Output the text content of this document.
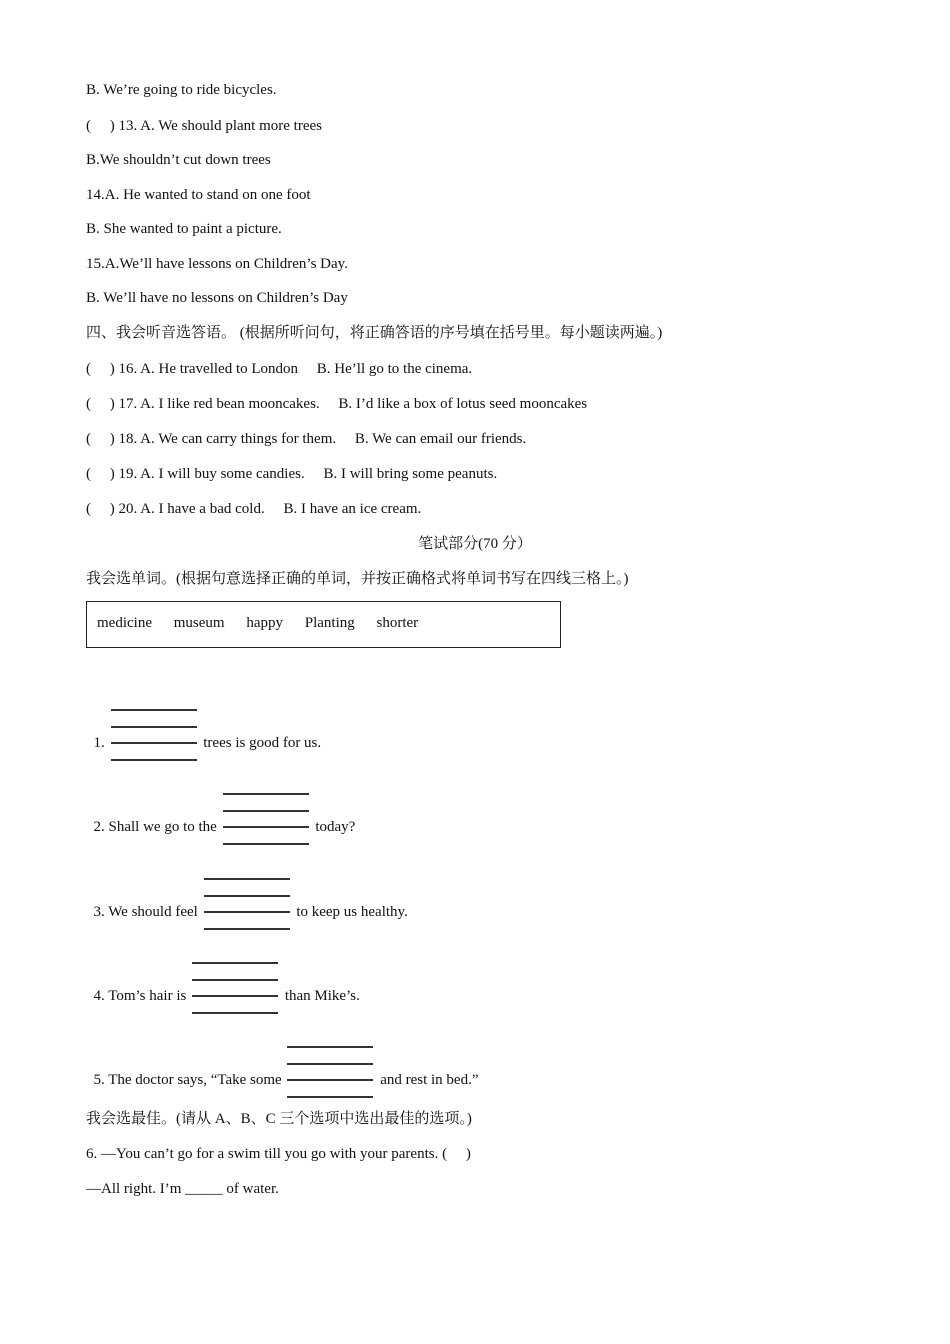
B. We’re going to ride bicycles.
(　 ) 13. A. We should plant more trees
B.We shouldn’t cut down trees
14.A. He wanted to stand on one foot
B. She wanted to paint a picture.
15.A.We’ll have lessons on Children’s Day.
B. We’ll have no lessons on Children’s Day
四、我会听音选答语。 (根据所听问句，将正确答语的序号填在括号里。每小题读两遍。)
(　 ) 16. A. He travelled to London　 B. He’ll go to the cinema.
(　 ) 17. A. I like red bean mooncakes.　 B. I’d like a box of lotus seed mooncakes
(　 ) 18. A. We can carry things for them.　 B. We can email our friends.
(　 ) 19. A. I will buy some candies.　 B. I will bring some peanuts.
(　 ) 20. A. I have a bad cold.　 B. I have an ice cream.
笔试部分(70 分）
我会选单词。(根据句意选择正确的单词，并按正确格式将单词书写在四线三格上。)
medicine museum happy Planting shorter

1.	trees is good for us.

2. Shall we go to the	today?

3. We should feel	to keep us healthy.

4. Tom’s hair is	than Mike’s.

5. The doctor says, “Take some	and rest in bed.”

我会选最佳。(请从 A、B、C 三个选项中选出最佳的选项。)
6. —You can’t go for a swim till you go with your parents. (　 )
—All right. I’m _____ of water.
